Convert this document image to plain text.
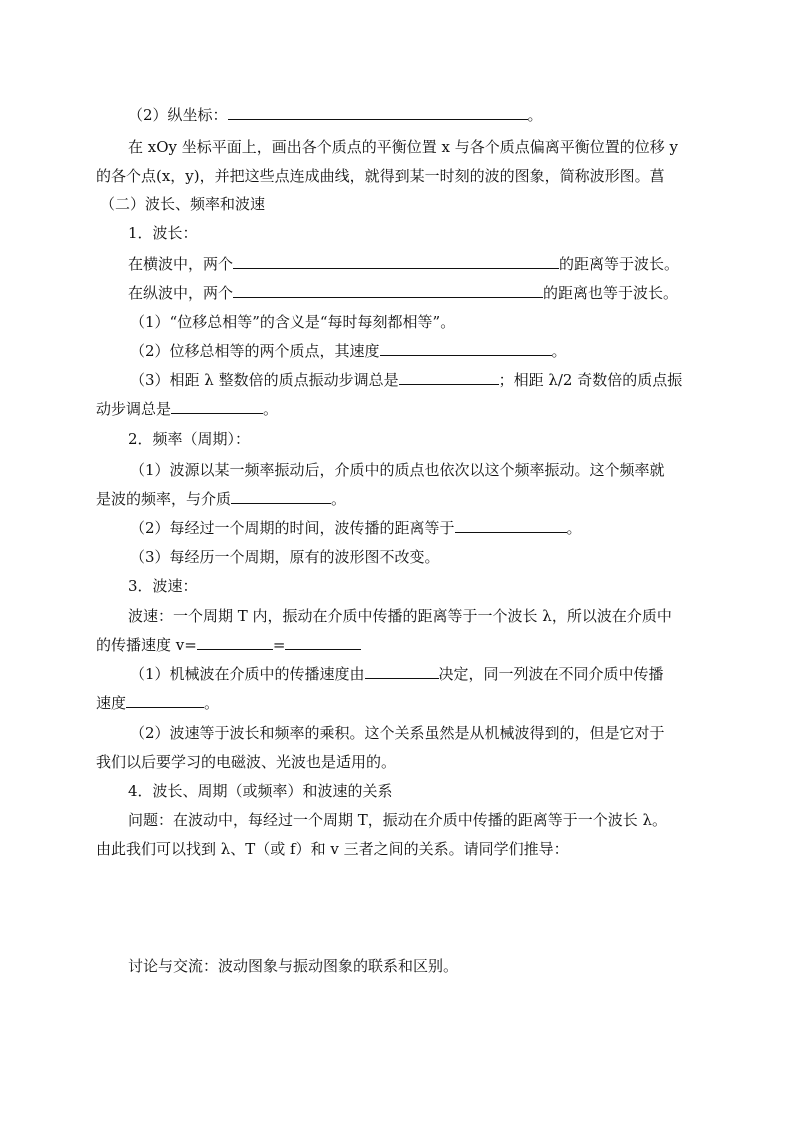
（2）纵坐标：	。
在 xOy 坐标平面上，画出各个质点的平衡位置 x 与各个质点偏离平衡位置的位移 y
的各个点(x，y)，并把这些点连成曲线，就得到某一时刻的波的图象，简称波形图。菖
（二）波长、频率和波速
1．波长：
在横波中，两个	的距离等于波长。
在纵波中，两个	的距离也等于波长。
（1）“位移总相等”的含义是“每时每刻都相等”。
（2）位移总相等的两个质点，其速度	。
（3）相距 λ 整数倍的质点振动步调总是	；相距 λ/2 奇数倍的质点振
动步调总是	。
2．频率（周期）：
（1）波源以某一频率振动后，介质中的质点也依次以这个频率振动。这个频率就
是波的频率，与介质	。
（2）每经过一个周期的时间，波传播的距离等于	。
（3）每经历一个周期，原有的波形图不改变。
3．波速：
波速：一个周期 T 内，振动在介质中传播的距离等于一个波长 λ，所以波在介质中
的传播速度 v=	=
（1）机械波在介质中的传播速度由	决定，同一列波在不同介质中传播
速度	。
（2）波速等于波长和频率的乘积。这个关系虽然是从机械波得到的，但是它对于
我们以后要学习的电磁波、光波也是适用的。
4．波长、周期（或频率）和波速的关系
问题：在波动中，每经过一个周期 T，振动在介质中传播的距离等于一个波长 λ。
由此我们可以找到 λ、T（或 f）和 v 三者之间的关系。请同学们推导：
讨论与交流：波动图象与振动图象的联系和区别。
